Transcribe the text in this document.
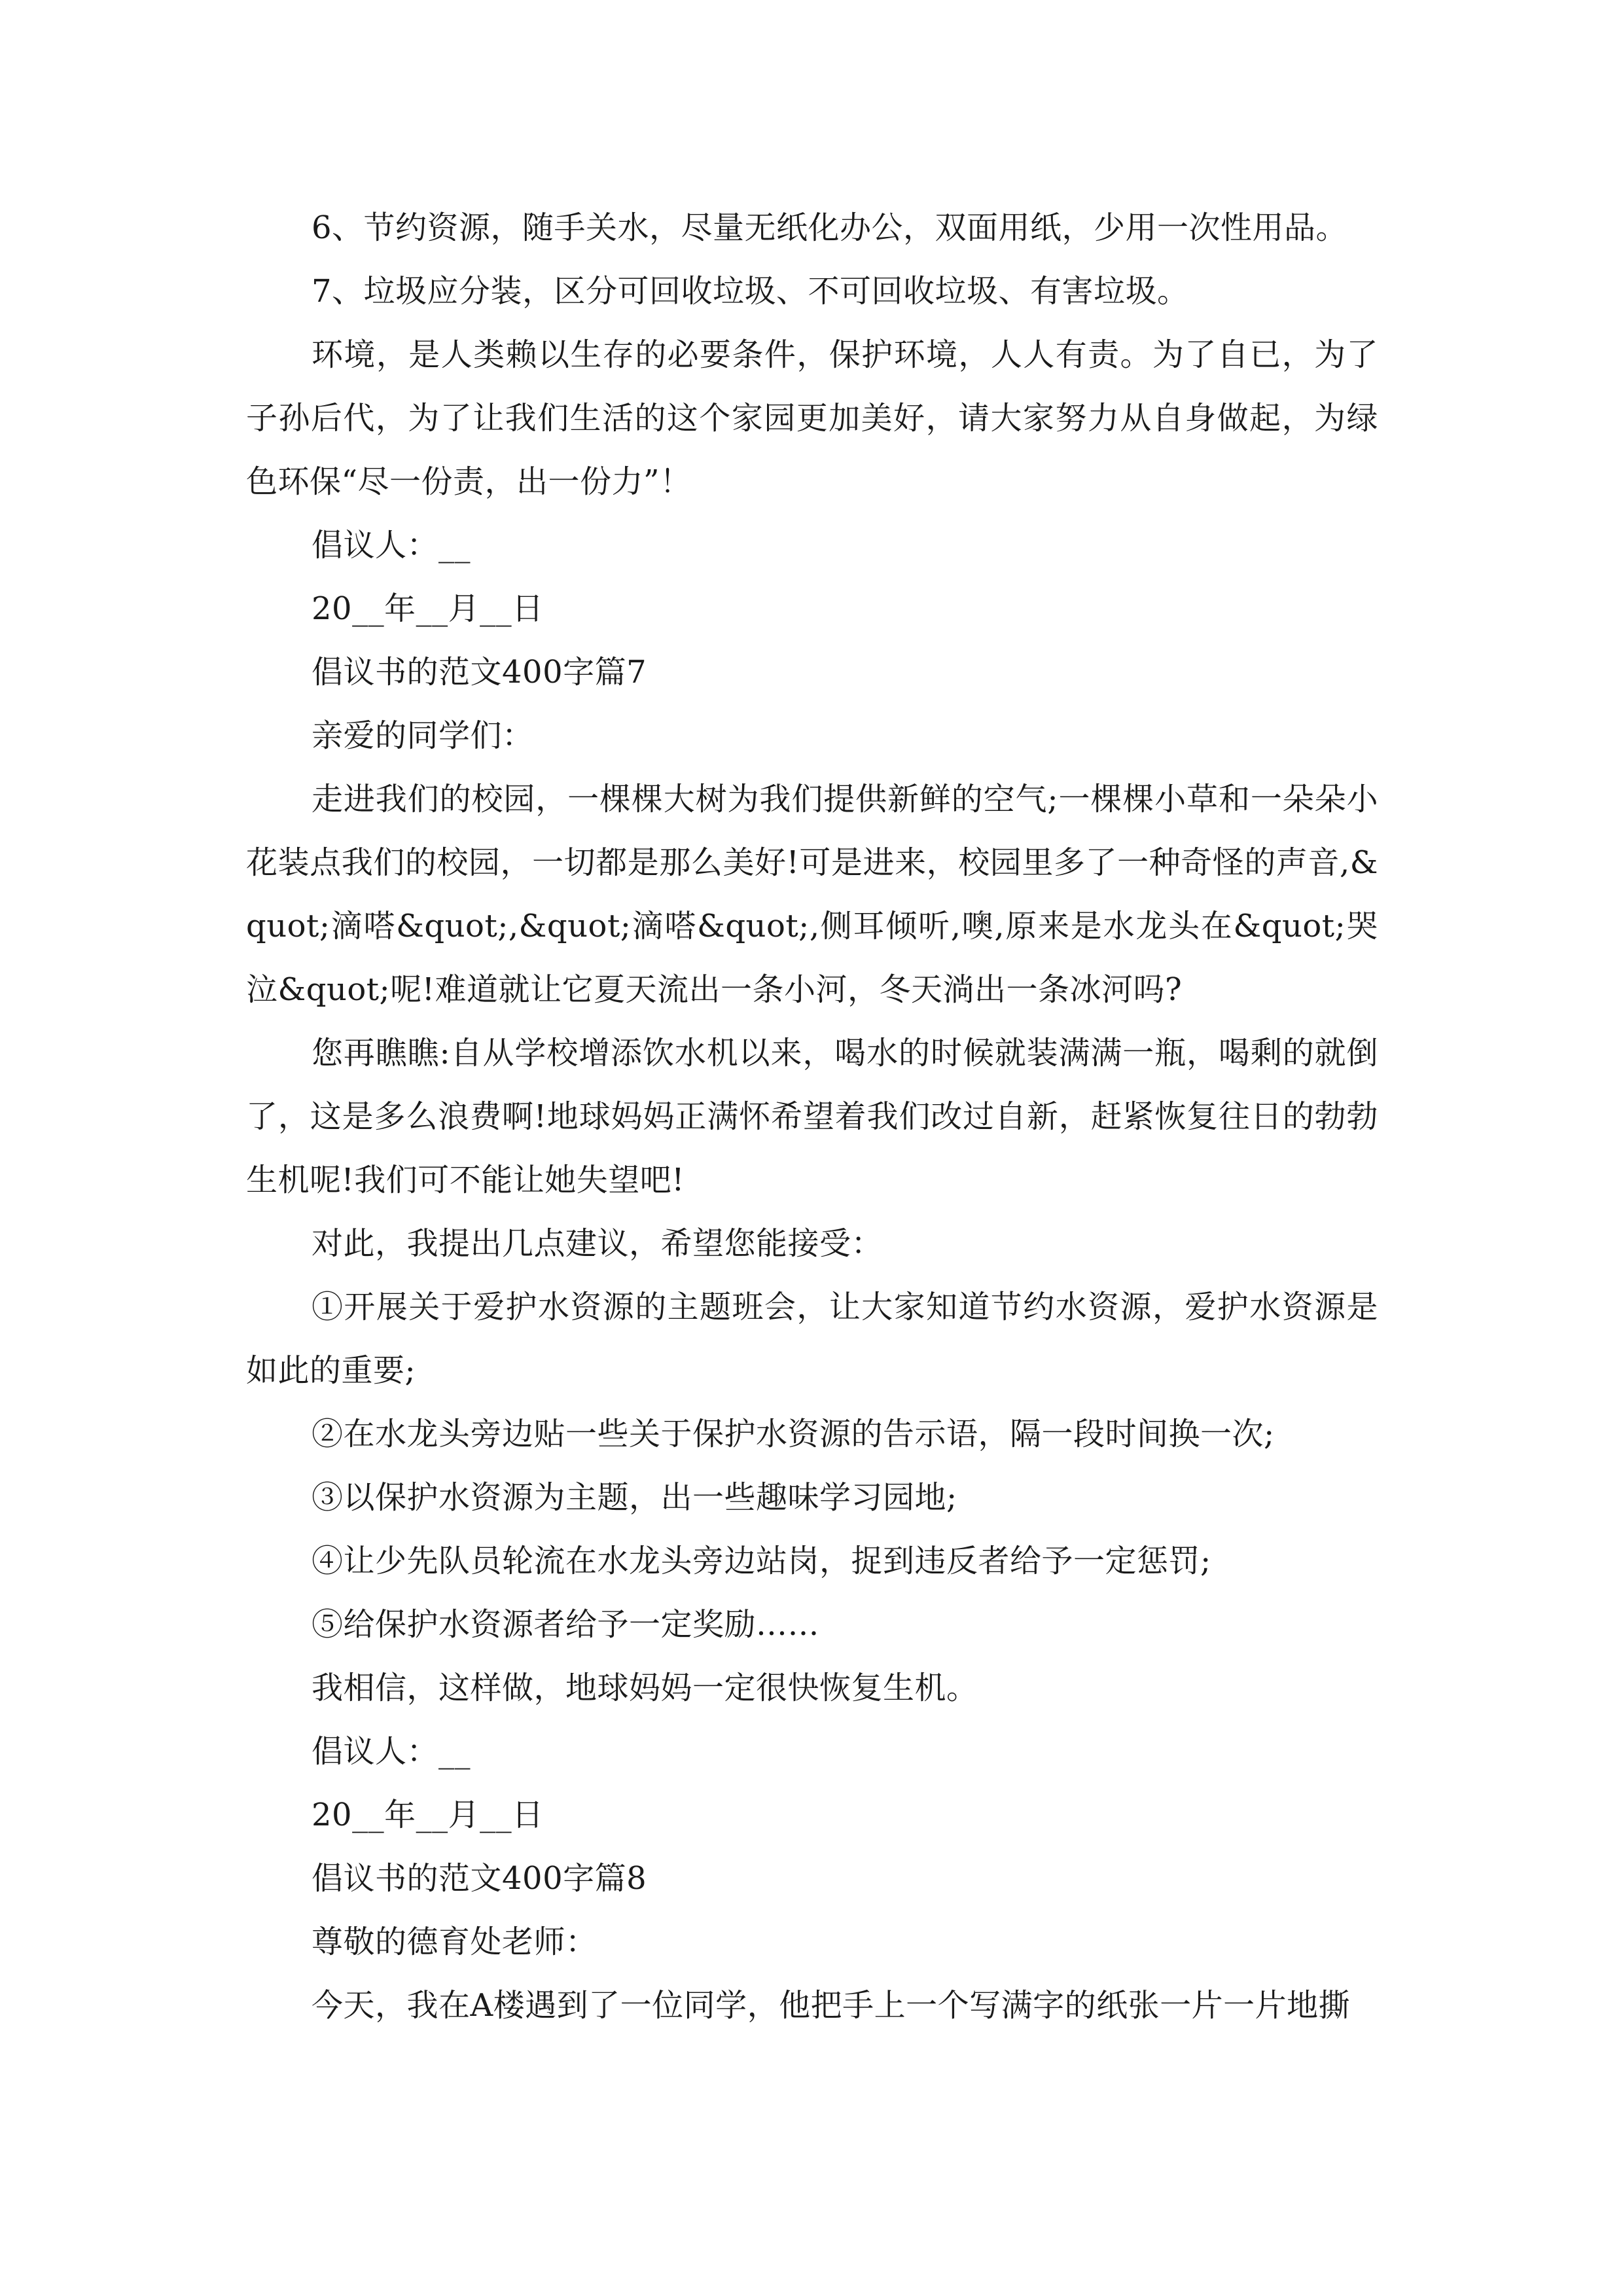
6、节约资源，随手关水，尽量无纸化办公，双面用纸，少用一次性用品。

7、垃圾应分装，区分可回收垃圾、不可回收垃圾、有害垃圾。

环境，是人类赖以生存的必要条件，保护环境，人人有责。为了自已，为了子孙后代，为了让我们生活的这个家园更加美好，请大家努力从自身做起，为绿色环保“尽一份责，出一份力”！

倡议人：__

20__年__月__日

倡议书的范文400字篇7

亲爱的同学们：

走进我们的校园，一棵棵大树为我们提供新鲜的空气;一棵棵小草和一朵朵小花装点我们的校园，一切都是那么美好!可是进来，校园里多了一种奇怪的声音,&quot;滴嗒&quot;,&quot;滴嗒&quot;,侧耳倾听,噢,原来是水龙头在&quot;哭泣&quot;呢!难道就让它夏天流出一条小河，冬天淌出一条冰河吗?

您再瞧瞧:自从学校增添饮水机以来，喝水的时候就装满满一瓶，喝剩的就倒了，这是多么浪费啊!地球妈妈正满怀希望着我们改过自新，赶紧恢复往日的勃勃生机呢!我们可不能让她失望吧!

对此，我提出几点建议，希望您能接受：

①开展关于爱护水资源的主题班会，让大家知道节约水资源，爱护水资源是如此的重要;

②在水龙头旁边贴一些关于保护水资源的告示语，隔一段时间换一次;

③以保护水资源为主题，出一些趣味学习园地;

④让少先队员轮流在水龙头旁边站岗，捉到违反者给予一定惩罚;

⑤给保护水资源者给予一定奖励……

我相信，这样做，地球妈妈一定很快恢复生机。

倡议人：__

20__年__月__日

倡议书的范文400字篇8

尊敬的德育处老师：

今天，我在A楼遇到了一位同学，他把手上一个写满字的纸张一片一片地撕
